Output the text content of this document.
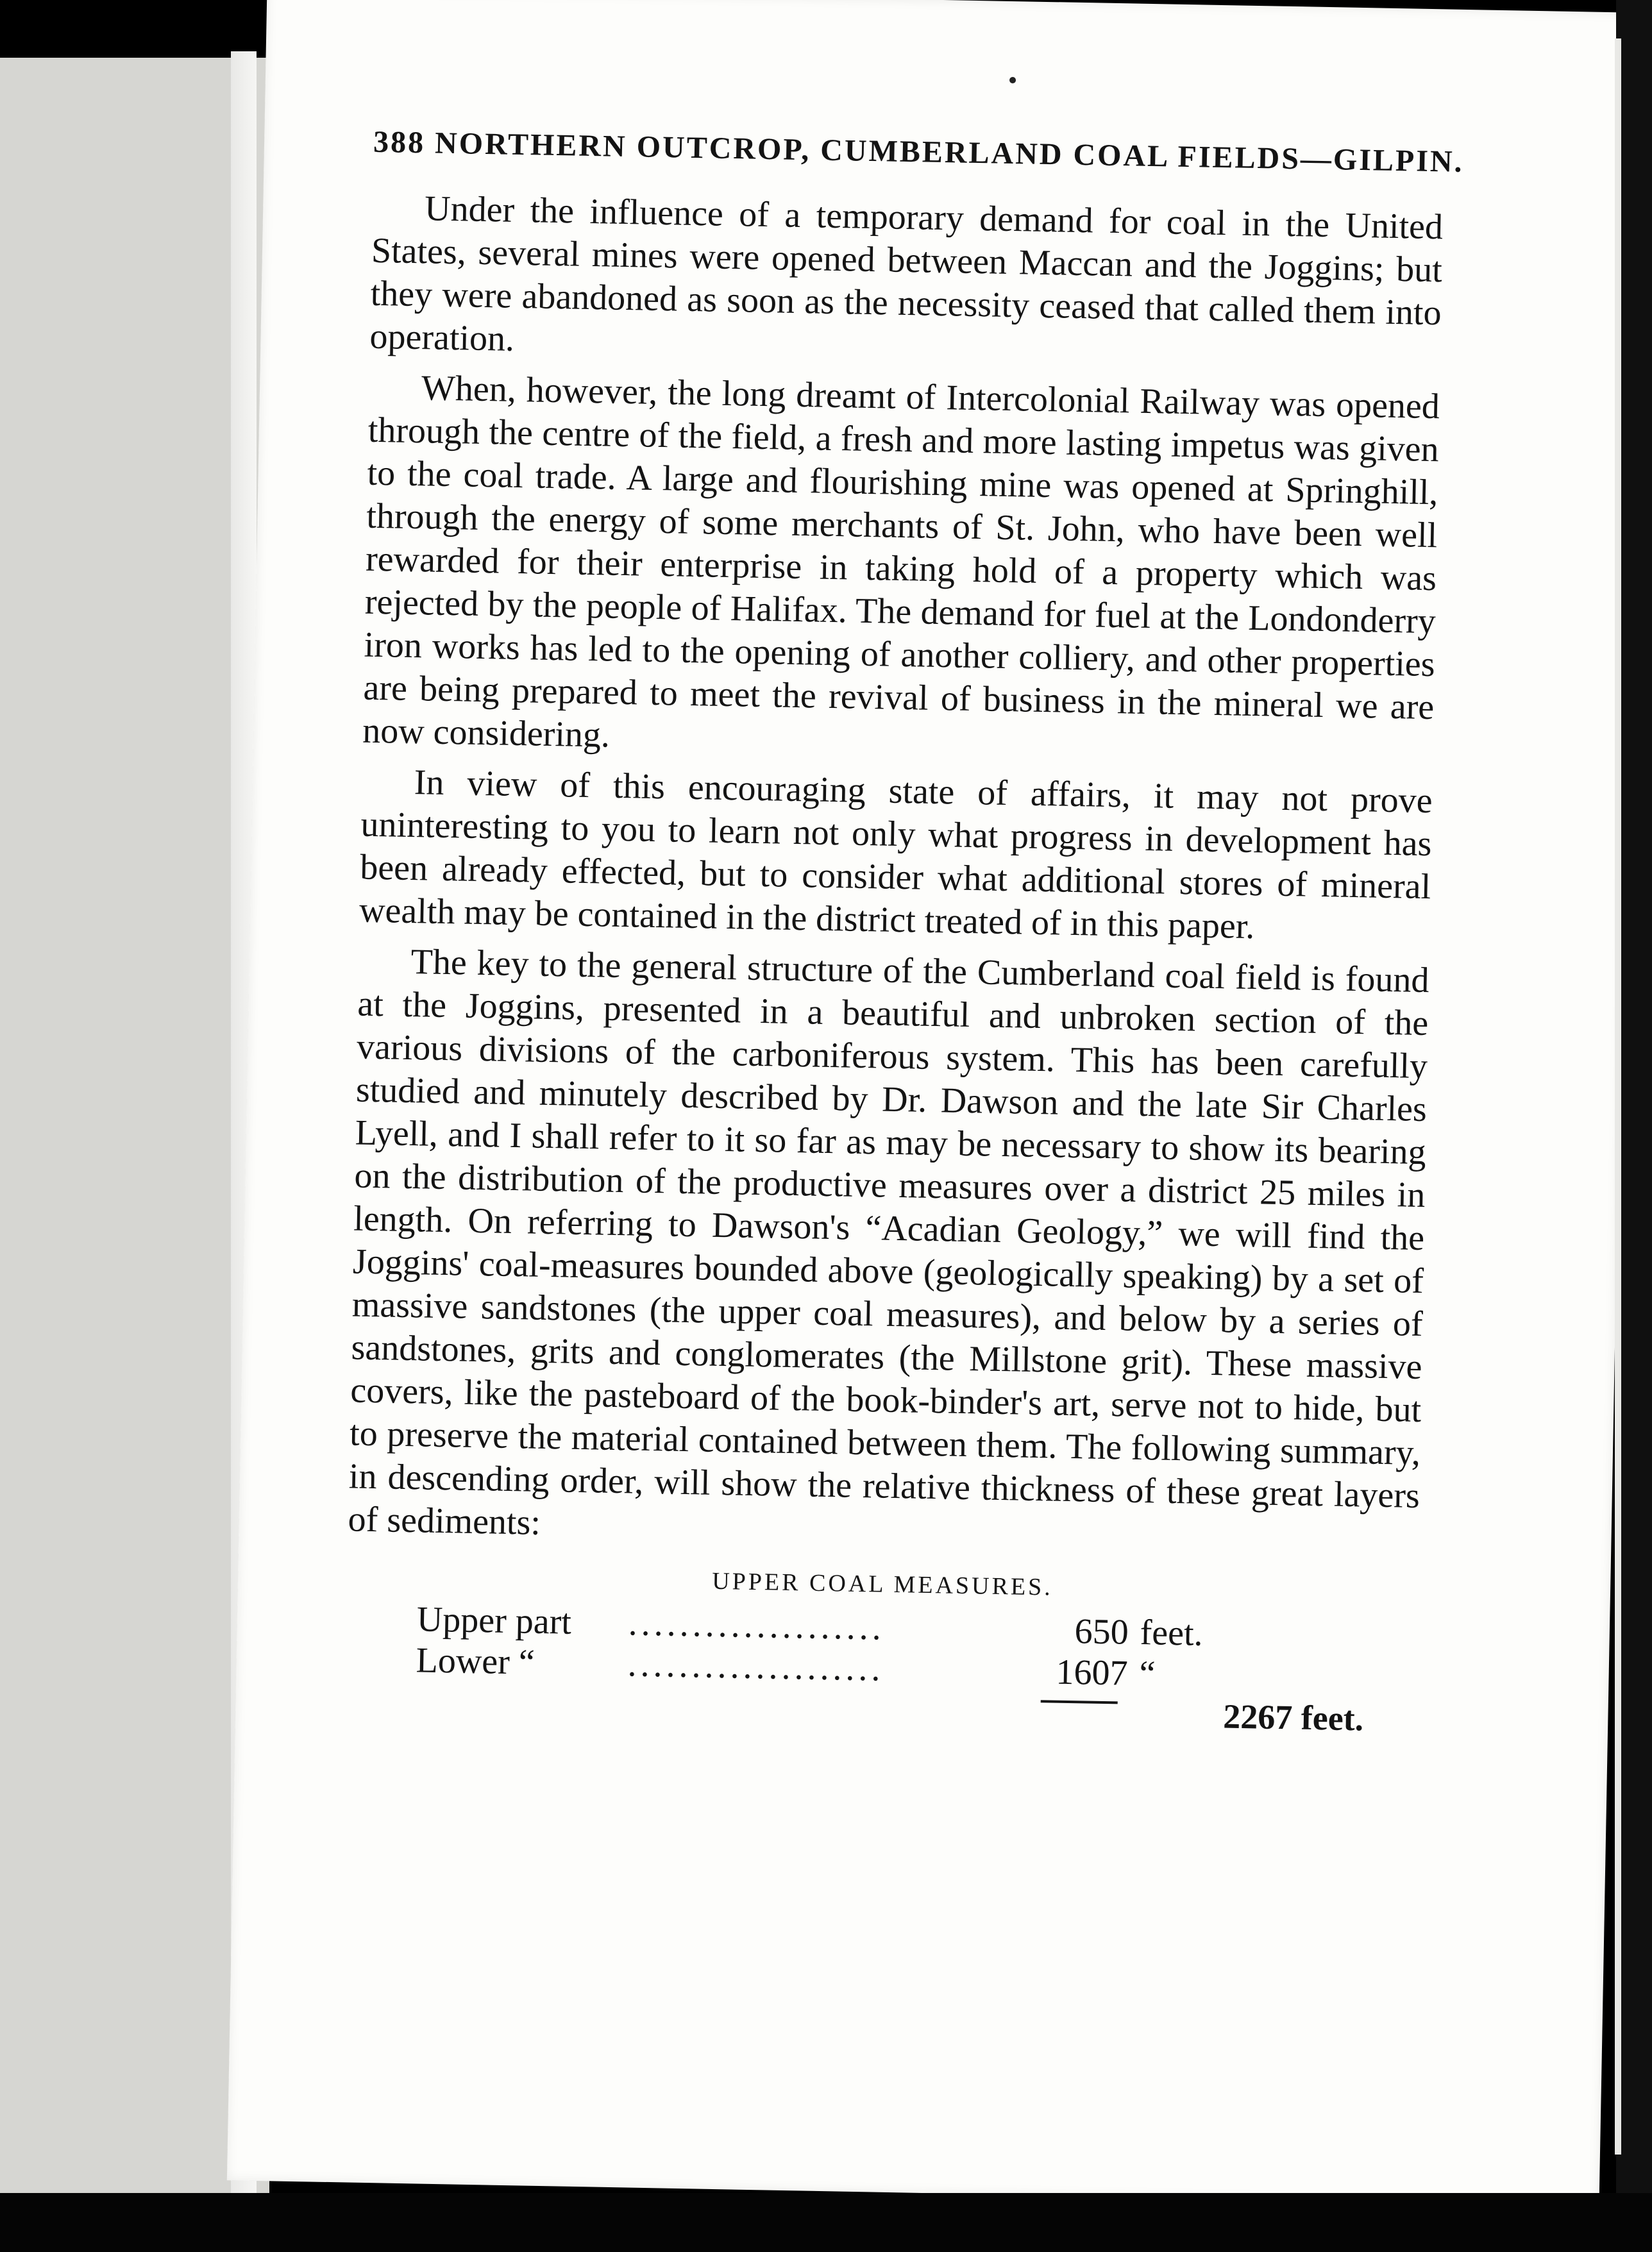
388 NORTHERN OUTCROP, CUMBERLAND COAL FIELDS—GILPIN.

Under the influence of a temporary demand for coal in the United States, several mines were opened between Maccan and the Joggins; but they were abandoned as soon as the necessity ceased that called them into operation.

When, however, the long dreamt of Intercolonial Railway was opened through the centre of the field, a fresh and more lasting impetus was given to the coal trade. A large and flourishing mine was opened at Springhill, through the energy of some merchants of St. John, who have been well rewarded for their enterprise in taking hold of a property which was rejected by the people of Halifax. The demand for fuel at the Londonderry iron works has led to the opening of another colliery, and other properties are being prepared to meet the revival of business in the mineral we are now considering.

In view of this encouraging state of affairs, it may not prove uninteresting to you to learn not only what progress in development has been already effected, but to consider what additional stores of mineral wealth may be contained in the district treated of in this paper.

The key to the general structure of the Cumberland coal field is found at the Joggins, presented in a beautiful and unbroken section of the various divisions of the carboniferous system. This has been carefully studied and minutely described by Dr. Dawson and the late Sir Charles Lyell, and I shall refer to it so far as may be necessary to show its bearing on the distribution of the productive measures over a district 25 miles in length. On referring to Dawson's “Acadian Geology,” we will find the Joggins' coal-measures bounded above (geologically speaking) by a set of massive sandstones (the upper coal measures), and below by a series of sandstones, grits and conglomerates (the Millstone grit). These massive covers, like the pasteboard of the book-binder's art, serve not to hide, but to preserve the material contained between them. The following summary, in descending order, will show the relative thickness of these great layers of sediments:

UPPER COAL MEASURES.
Upper part	....................	650 feet.
Lower “	....................	1607 “
2267 feet.
